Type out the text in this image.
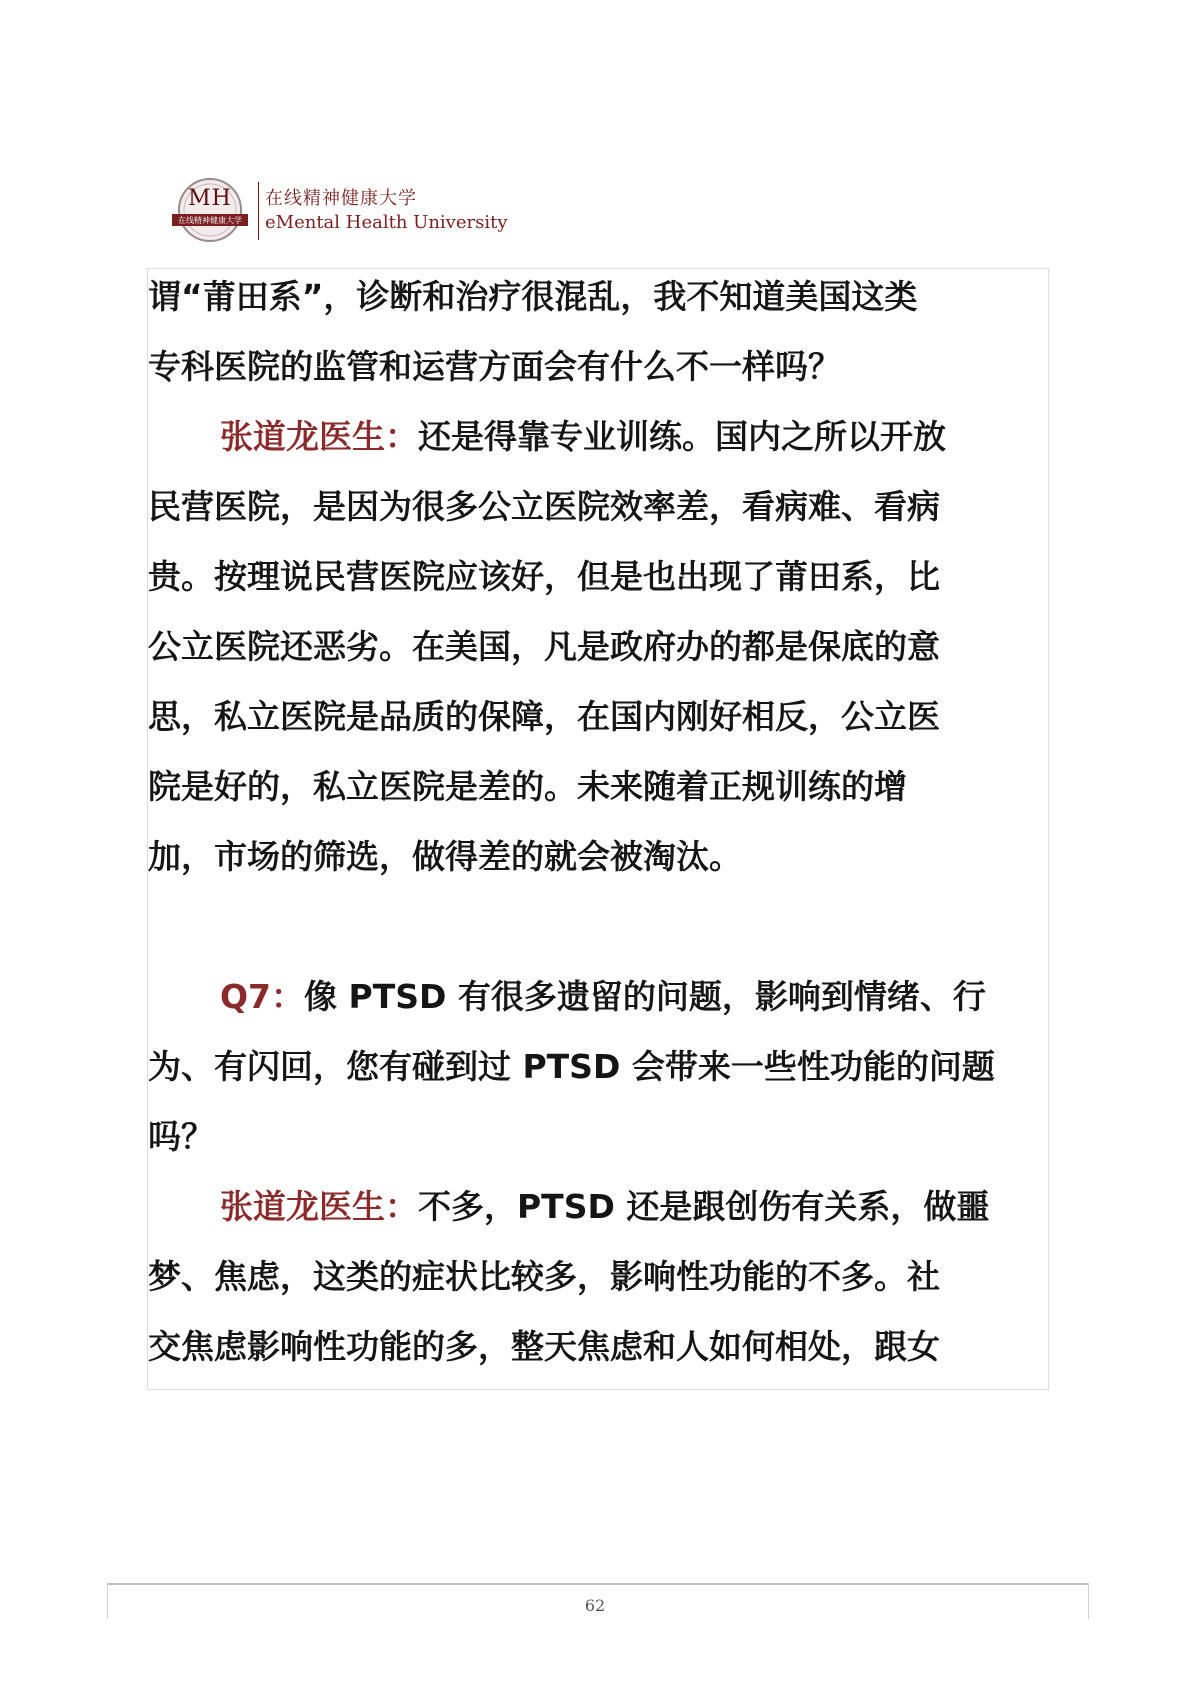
MH
在线精神健康大学
在线精神健康大学
eMental Health University

谓“莆田系”，诊断和治疗很混乱，我不知道美国这类

专科医院的监管和运营方面会有什么不一样吗？

张道龙医生：还是得靠专业训练。国内之所以开放

民营医院，是因为很多公立医院效率差，看病难、看病

贵。按理说民营医院应该好，但是也出现了莆田系，比

公立医院还恶劣。在美国，凡是政府办的都是保底的意

思，私立医院是品质的保障，在国内刚好相反，公立医

院是好的，私立医院是差的。未来随着正规训练的增

加，市场的筛选，做得差的就会被淘汰。

Q7：像 PTSD 有很多遗留的问题，影响到情绪、行

为、有闪回，您有碰到过 PTSD 会带来一些性功能的问题

吗？

张道龙医生：不多，PTSD 还是跟创伤有关系，做噩

梦、焦虑，这类的症状比较多，影响性功能的不多。社

交焦虑影响性功能的多，整天焦虑和人如何相处，跟女

62
